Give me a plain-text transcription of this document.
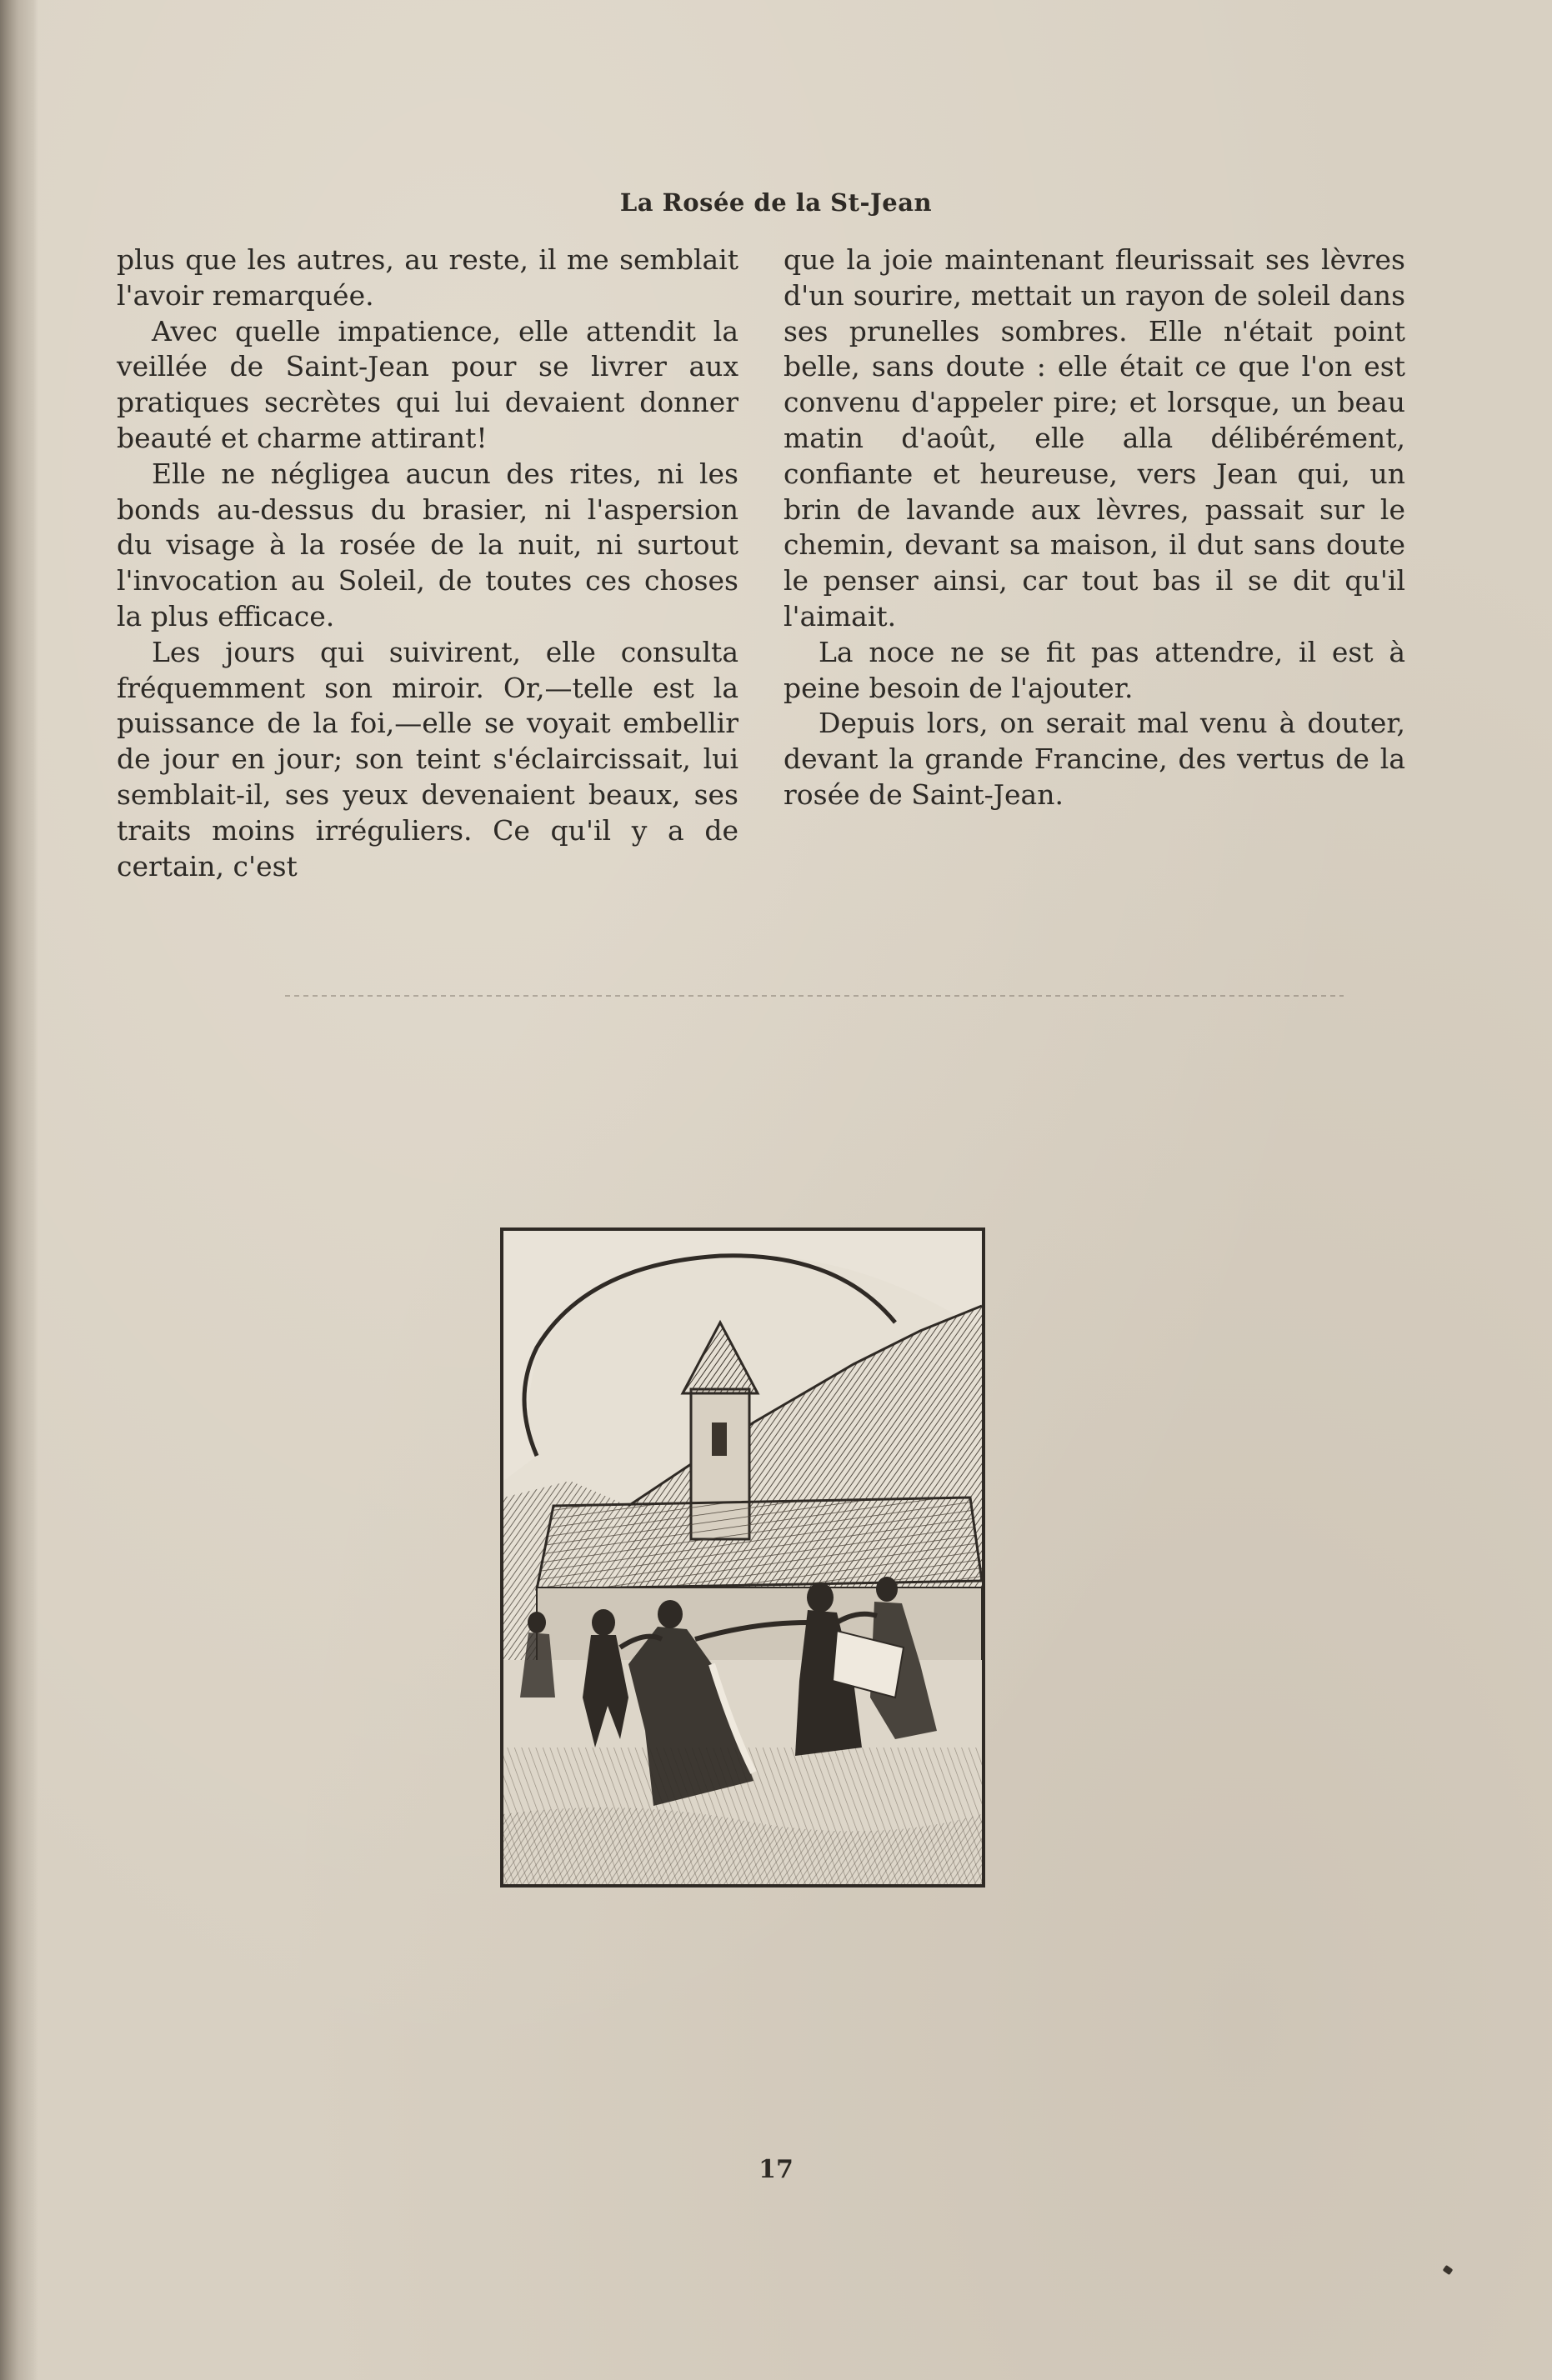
La Rosée de la St-Jean

plus que les autres, au reste, il me semblait l'avoir remarquée.

Avec quelle impatience, elle attendit la veillée de Saint-Jean pour se livrer aux pratiques secrètes qui lui devaient donner beauté et charme attirant!

Elle ne négligea aucun des rites, ni les bonds au-dessus du brasier, ni l'aspersion du visage à la rosée de la nuit, ni surtout l'invocation au Soleil, de toutes ces choses la plus efficace.

Les jours qui suivirent, elle consulta fréquemment son miroir. Or,—telle est la puissance de la foi,—elle se voyait embellir de jour en jour; son teint s'éclaircissait, lui semblait-il, ses yeux devenaient beaux, ses traits moins irréguliers. Ce qu'il y a de certain, c'est

que la joie maintenant fleurissait ses lèvres d'un sourire, mettait un rayon de soleil dans ses prunelles sombres. Elle n'était point belle, sans doute : elle était ce que l'on est convenu d'appeler pire; et lorsque, un beau matin d'août, elle alla délibérément, confiante et heureuse, vers Jean qui, un brin de lavande aux lèvres, passait sur le chemin, devant sa maison, il dut sans doute le penser ainsi, car tout bas il se dit qu'il l'aimait.

La noce ne se fit pas attendre, il est à peine besoin de l'ajouter.

Depuis lors, on serait mal venu à douter, devant la grande Francine, des vertus de la rosée de Saint-Jean.

17
